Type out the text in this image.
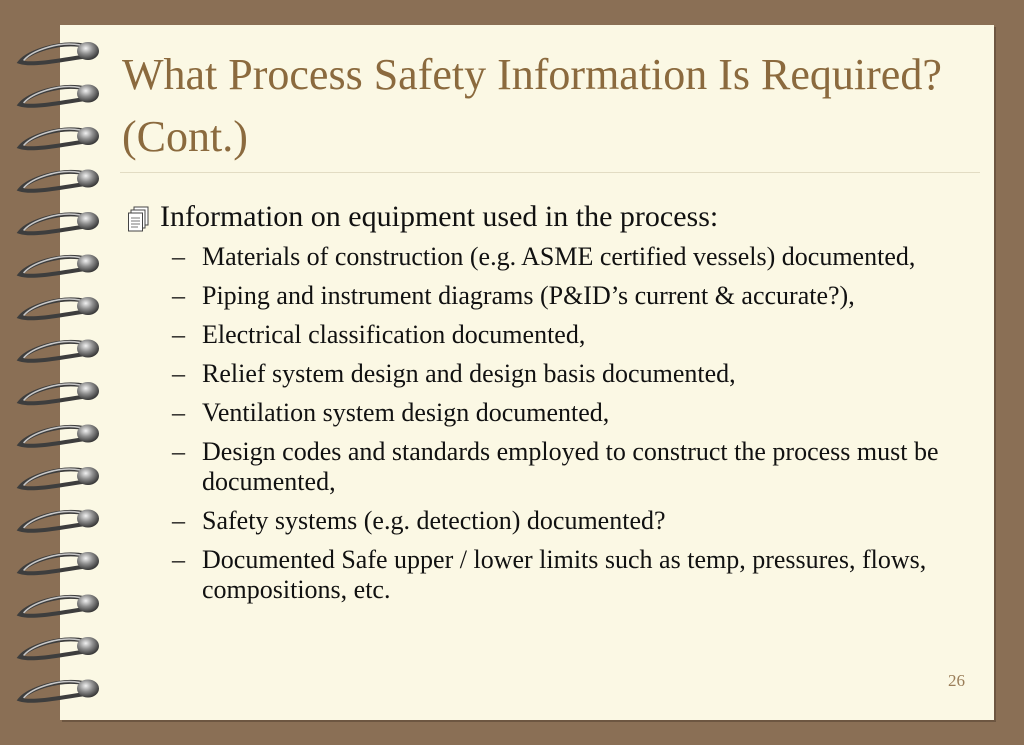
What Process Safety Information Is Required? (Cont.)
Information on equipment used in the process:
– Materials of construction (e.g. ASME certified vessels) documented,
– Piping and instrument diagrams (P&ID’s current & accurate?),
– Electrical classification documented,
– Relief system design and design basis documented,
– Ventilation system design documented,
– Design codes and standards employed to construct the process must be documented,
– Safety systems (e.g. detection) documented?
– Documented Safe upper / lower limits such as temp, pressures, flows, compositions, etc.
26
